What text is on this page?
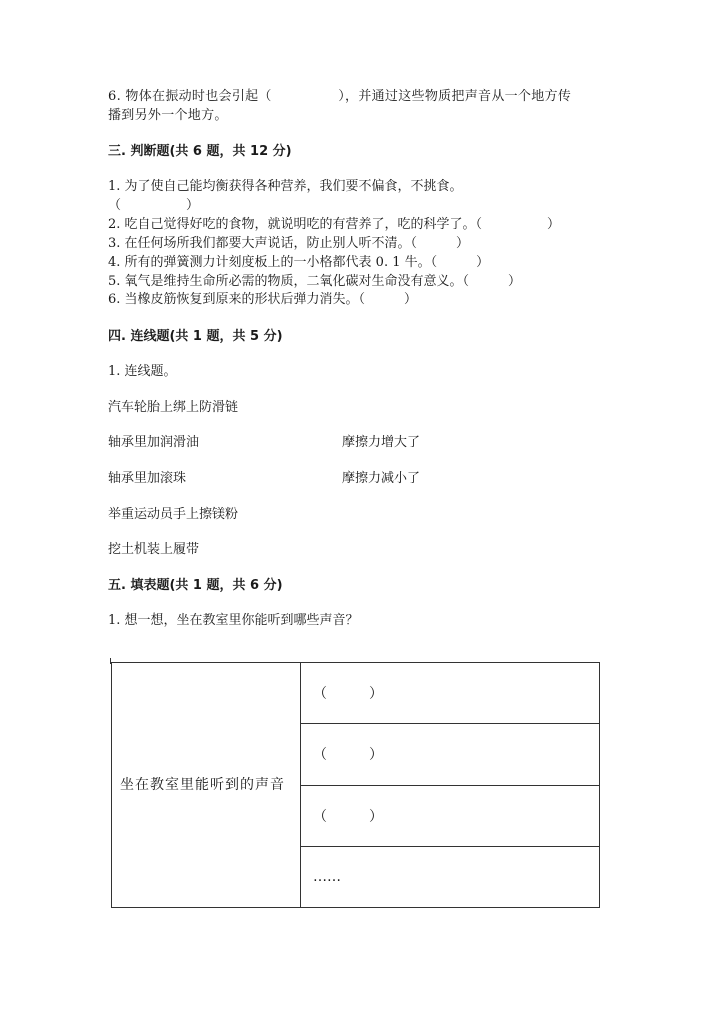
6. 物体在振动时也会引起（　　　　　），并通过这些物质把声音从一个地方传
播到另外一个地方。
三. 判断题(共 6 题，共 12 分)
1. 为了使自己能均衡获得各种营养，我们要不偏食，不挑食。
（　　　　　）
2. 吃自己觉得好吃的食物，就说明吃的有营养了，吃的科学了。（　　　　　）
3. 在任何场所我们都要大声说话，防止别人听不清。（　　　）
4. 所有的弹簧测力计刻度板上的一小格都代表 0. 1 牛。（　　　）
5. 氧气是维持生命所必需的物质，二氧化碳对生命没有意义。（　　　）
6. 当橡皮筋恢复到原来的形状后弹力消失。（　　　）
四. 连线题(共 1 题，共 5 分)
1. 连线题。
汽车轮胎上绑上防滑链
轴承里加润滑油	摩擦力增大了
轴承里加滚珠	摩擦力减小了
举重运动员手上擦镁粉
挖土机装上履带
五. 填表题(共 1 题，共 6 分)
1. 想一想，坐在教室里你能听到哪些声音？
坐在教室里能听到的声音	（　　　）
（　　　）
（　　　）
……
